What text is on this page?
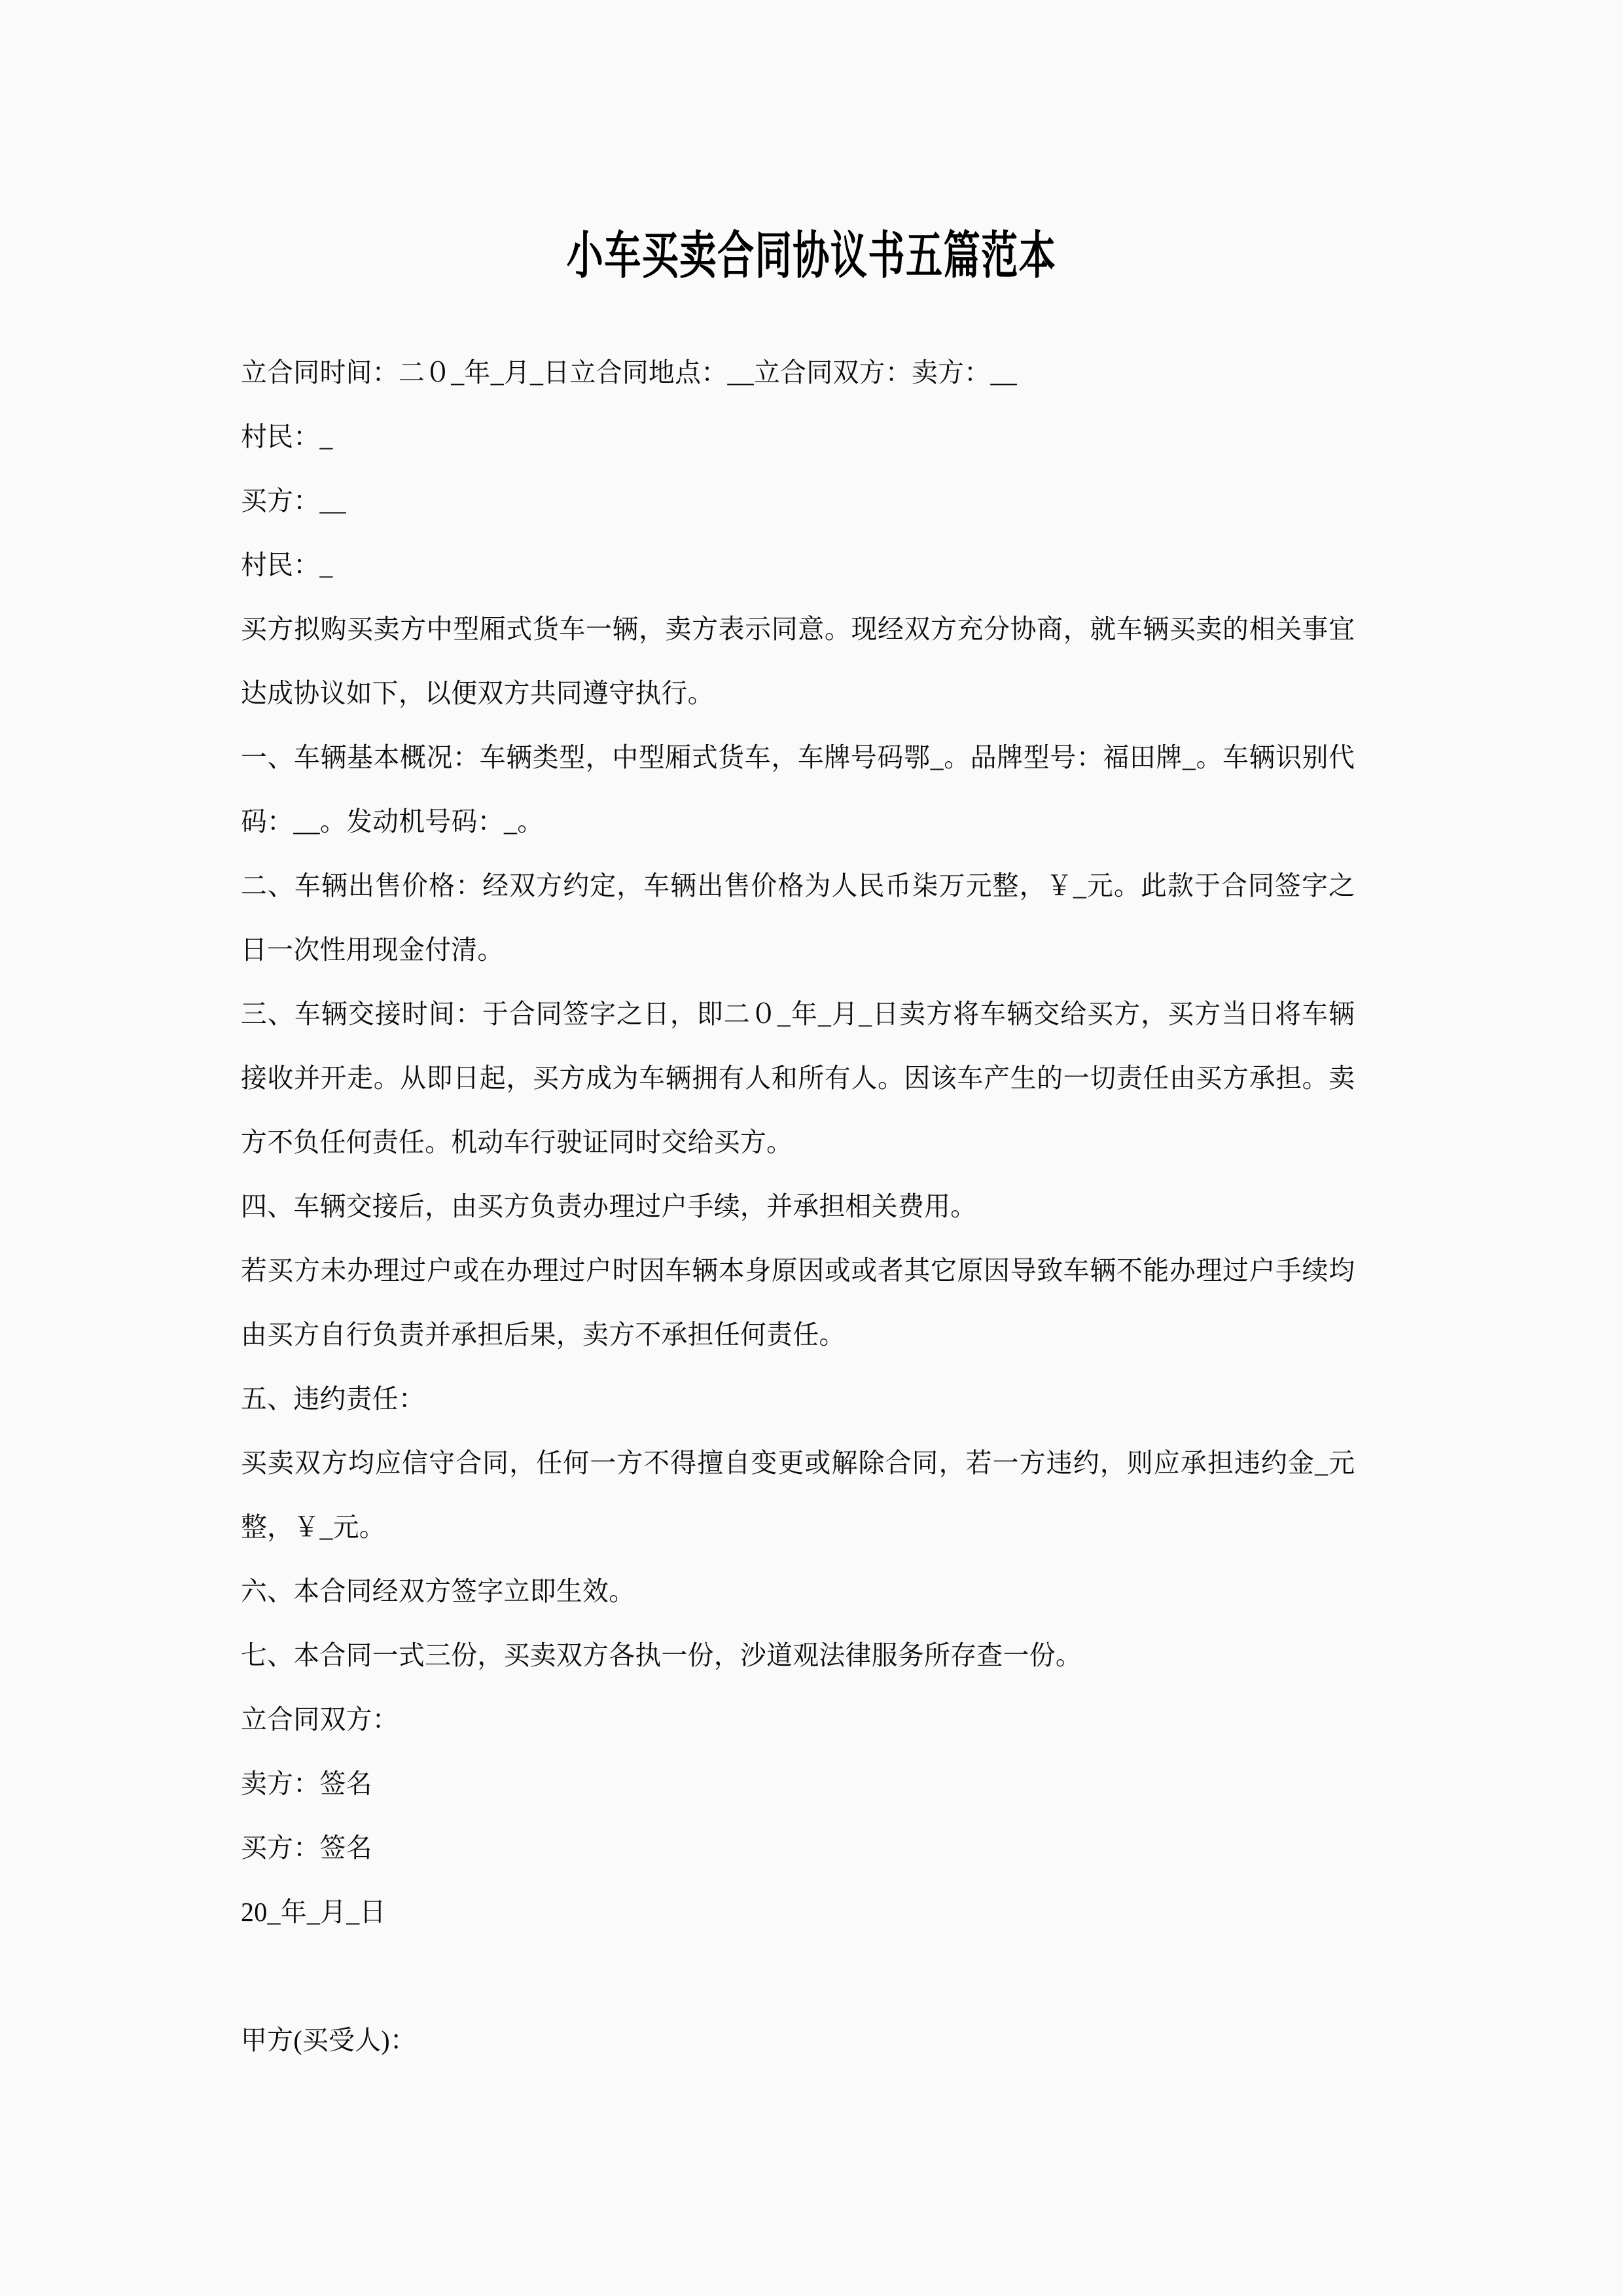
小车买卖合同协议书五篇范本

立合同时间：二０_年_月_日立合同地点：__立合同双方：卖方：__

村民：_

买方：__

村民：_

买方拟购买卖方中型厢式货车一辆，卖方表示同意。现经双方充分协商，就车辆买卖的相关事宜达成协议如下，以便双方共同遵守执行。

一、车辆基本概况：车辆类型，中型厢式货车，车牌号码鄂_。品牌型号：福田牌_。车辆识别代码：__。发动机号码：_。

二、车辆出售价格：经双方约定，车辆出售价格为人民币柒万元整，￥_元。此款于合同签字之日一次性用现金付清。

三、车辆交接时间：于合同签字之日，即二０_年_月_日卖方将车辆交给买方，买方当日将车辆接收并开走。从即日起，买方成为车辆拥有人和所有人。因该车产生的一切责任由买方承担。卖方不负任何责任。机动车行驶证同时交给买方。

四、车辆交接后，由买方负责办理过户手续，并承担相关费用。

若买方未办理过户或在办理过户时因车辆本身原因或或者其它原因导致车辆不能办理过户手续均由买方自行负责并承担后果，卖方不承担任何责任。

五、违约责任：

买卖双方均应信守合同，任何一方不得擅自变更或解除合同，若一方违约，则应承担违约金_元整，￥_元。

六、本合同经双方签字立即生效。

七、本合同一式三份，买卖双方各执一份，沙道观法律服务所存查一份。

立合同双方：

卖方：签名

买方：签名

20_年_月_日

甲方(买受人)：
